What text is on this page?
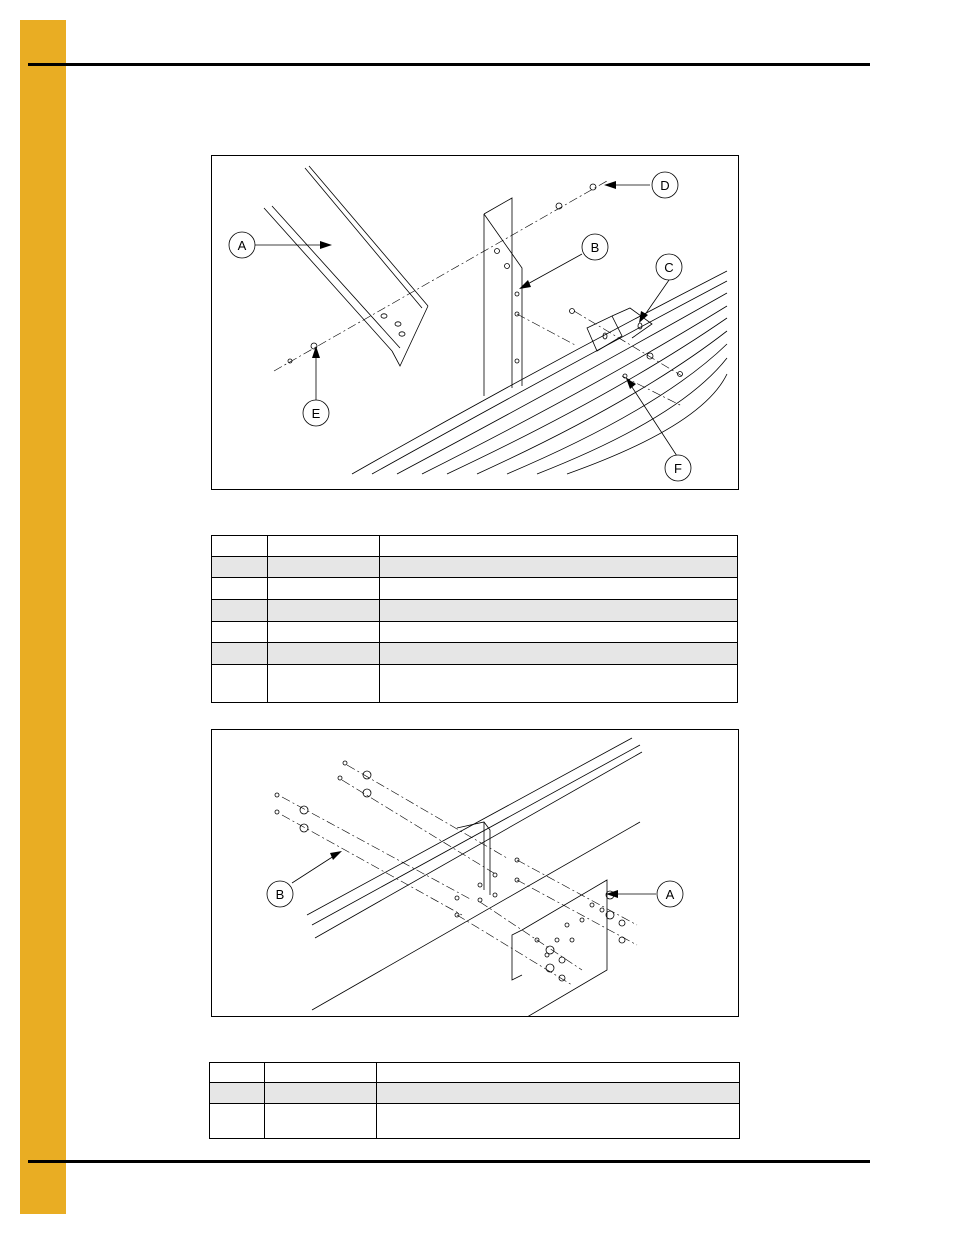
A	B
C
D
E
F

A
B
